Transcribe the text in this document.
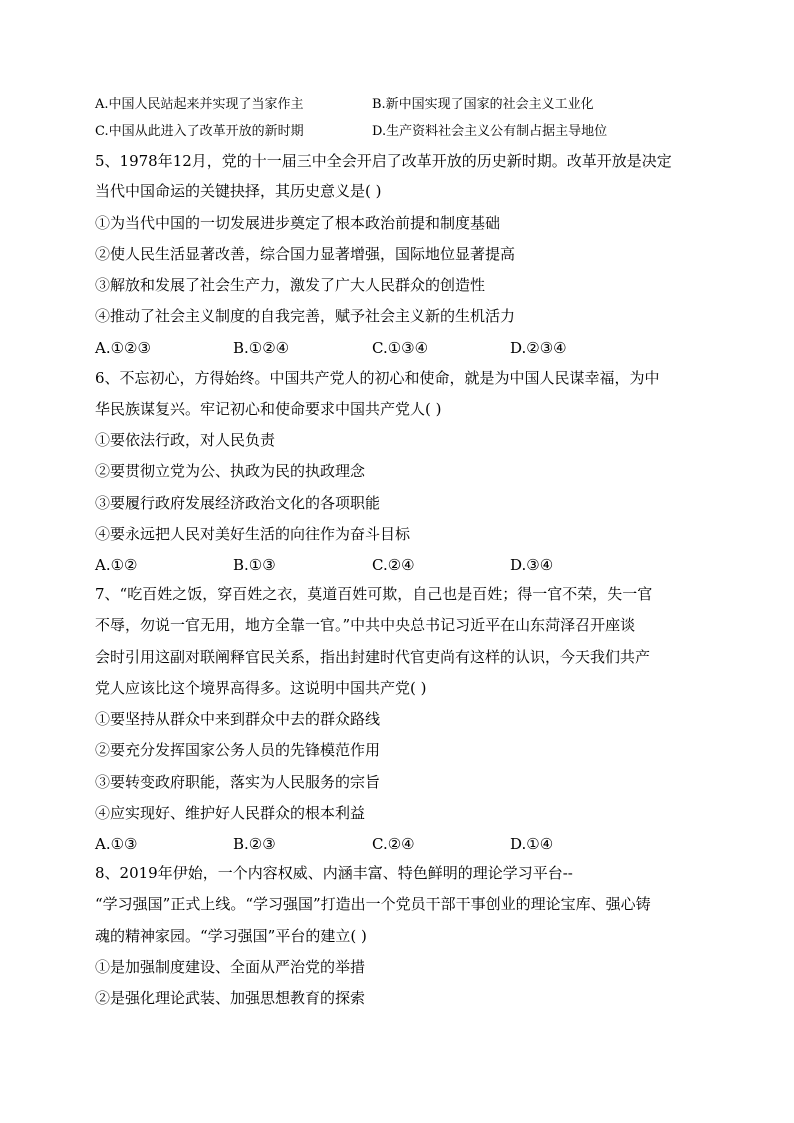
A.中国人民站起来并实现了当家作主	B.新中国实现了国家的社会主义工业化
C.中国从此进入了改革开放的新时期	D.生产资料社会主义公有制占据主导地位
5、1978年12月，党的十一届三中全会开启了改革开放的历史新时期。改革开放是决定
当代中国命运的关键抉择，其历史意义是( )
①为当代中国的一切发展进步奠定了根本政治前提和制度基础
②使人民生活显著改善，综合国力显著增强，国际地位显著提高
③解放和发展了社会生产力，激发了广大人民群众的创造性
④推动了社会主义制度的自我完善，赋予社会主义新的生机活力
A.①②③	B.①②④	C.①③④	D.②③④
6、不忘初心，方得始终。中国共产党人的初心和使命，就是为中国人民谋幸福，为中
华民族谋复兴。牢记初心和使命要求中国共产党人( )
①要依法行政，对人民负责
②要贯彻立党为公、执政为民的执政理念
③要履行政府发展经济政治文化的各项职能
④要永远把人民对美好生活的向往作为奋斗目标
A.①②	B.①③	C.②④	D.③④
7、“吃百姓之饭，穿百姓之衣，莫道百姓可欺，自己也是百姓；得一官不荣，失一官
不辱，勿说一官无用，地方全靠一官。”中共中央总书记习近平在山东菏泽召开座谈
会时引用这副对联阐释官民关系，指出封建时代官吏尚有这样的认识，今天我们共产
党人应该比这个境界高得多。这说明中国共产党( )
①要坚持从群众中来到群众中去的群众路线
②要充分发挥国家公务人员的先锋模范作用
③要转变政府职能，落实为人民服务的宗旨
④应实现好、维护好人民群众的根本利益
A.①③	B.②③	C.②④	D.①④
8、2019年伊始，一个内容权威、内涵丰富、特色鲜明的理论学习平台--
“学习强国”正式上线。“学习强国”打造出一个党员干部干事创业的理论宝库、强心铸
魂的精神家园。“学习强国”平台的建立( )
①是加强制度建设、全面从严治党的举措
②是强化理论武装、加强思想教育的探索
